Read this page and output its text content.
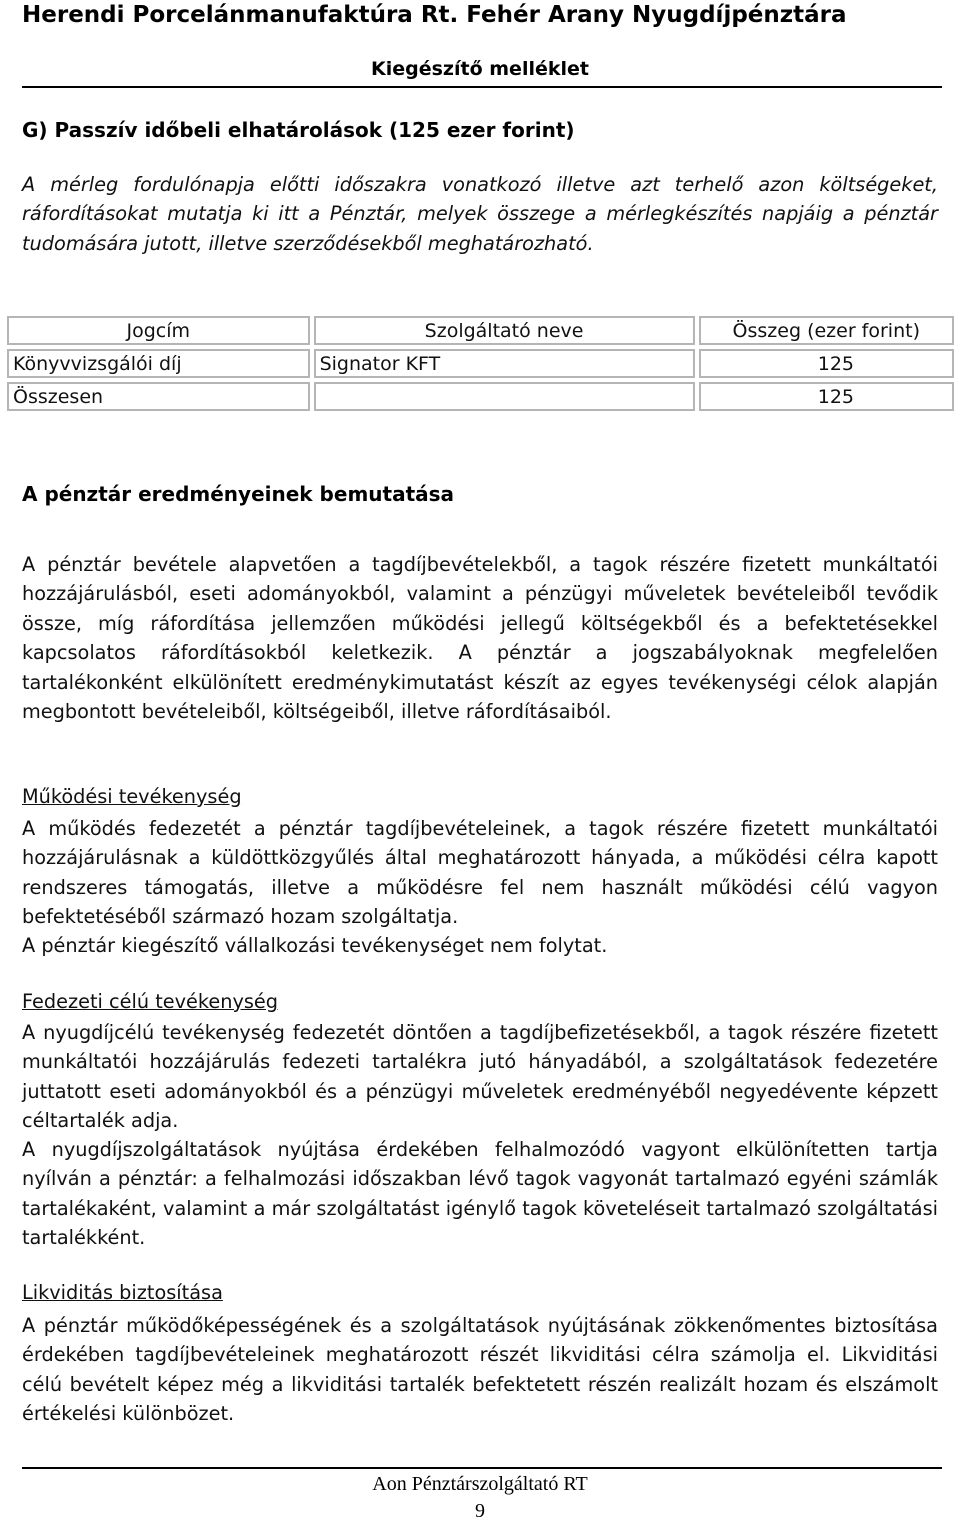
Herendi Porcelánmanufaktúra Rt. Fehér Arany Nyugdíjpénztára
Kiegészítő melléklet
G) Passzív időbeli elhatárolások (125 ezer forint)

A mérleg fordulónapja előtti időszakra vonatkozó illetve azt terhelő azon költségeket, ráfordításokat mutatja ki itt a Pénztár, melyek összege a mérlegkészítés napjáig a pénztár tudomására jutott, illetve szerződésekből meghatározható.

Jogcím	Szolgáltató neve	Összeg (ezer forint)
Könyvvizsgálói díj	Signator KFT	125
Összesen		125
A pénztár eredményeinek bemutatása

A pénztár bevétele alapvetően a tagdíjbevételekből, a tagok részére fizetett munkáltatói hozzájárulásból, eseti adományokból, valamint a pénzügyi műveletek bevételeiből tevődik össze, míg ráfordítása jellemzően működési jellegű költségekből és a befektetésekkel kapcsolatos ráfordításokból keletkezik. A pénztár a jogszabályoknak megfelelően tartalékonként elkülönített eredménykimutatást készít az egyes tevékenységi célok alapján megbontott bevételeiből, költségeiből, illetve ráfordításaiból.

Működési tevékenység

A működés fedezetét a pénztár tagdíjbevételeinek, a tagok részére fizetett munkáltatói hozzájárulásnak a küldöttközgyűlés által meghatározott hányada, a működési célra kapott rendszeres támogatás, illetve a működésre fel nem használt működési célú vagyon befektetéséből származó hozam szolgáltatja.

A pénztár kiegészítő vállalkozási tevékenységet nem folytat.

Fedezeti célú tevékenység

A nyugdíjcélú tevékenység fedezetét döntően a tagdíjbefizetésekből, a tagok részére fizetett munkáltatói hozzájárulás fedezeti tartalékra jutó hányadából, a szolgáltatások fedezetére juttatott eseti adományokból és a pénzügyi műveletek eredményéből negyedévente képzett céltartalék adja.

A nyugdíjszolgáltatások nyújtása érdekében felhalmozódó vagyont elkülönítetten tartja nyílván a pénztár: a felhalmozási időszakban lévő tagok vagyonát tartalmazó egyéni számlák tartalékaként, valamint a már szolgáltatást igénylő tagok követeléseit tartalmazó szolgáltatási tartalékként.

Likviditás biztosítása

A pénztár működőképességének és a szolgáltatások nyújtásának zökkenőmentes biztosítása érdekében tagdíjbevételeinek meghatározott részét likviditási célra számolja el. Likviditási célú bevételt képez még a likviditási tartalék befektetett részén realizált hozam és elszámolt értékelési különbözet.

Aon Pénztárszolgáltató RT
9
